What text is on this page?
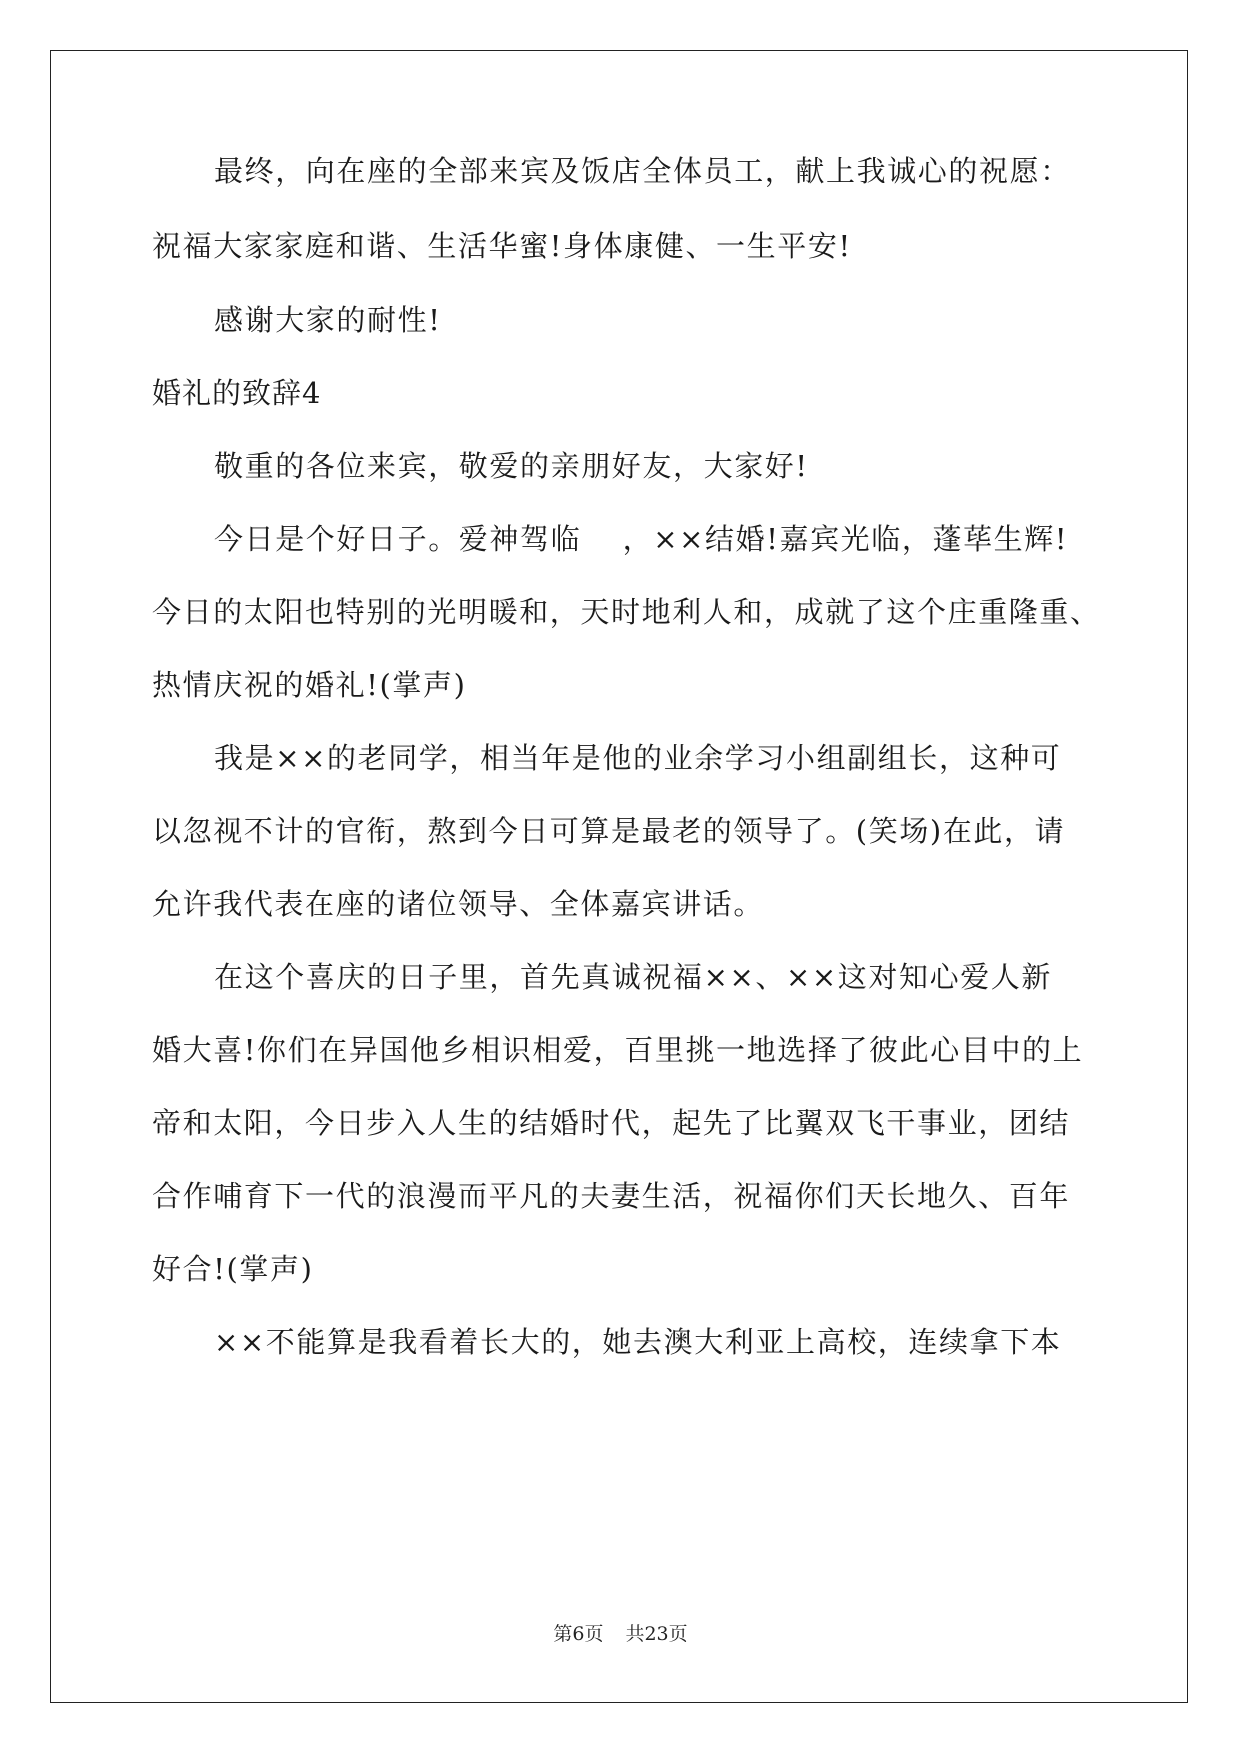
最终，向在座的全部来宾及饭店全体员工，献上我诚心的祝愿：
祝福大家家庭和谐、生活华蜜!身体康健、一生平安!
感谢大家的耐性!
婚礼的致辞4
敬重的各位来宾，敬爱的亲朋好友，大家好!
今日是个好日子。爱神驾临　 ，××结婚!嘉宾光临，蓬荜生辉!
今日的太阳也特别的光明暖和，天时地利人和，成就了这个庄重隆重、
热情庆祝的婚礼!(掌声)
我是××的老同学，相当年是他的业余学习小组副组长，这种可
以忽视不计的官衔，熬到今日可算是最老的领导了。(笑场)在此，请
允许我代表在座的诸位领导、全体嘉宾讲话。
在这个喜庆的日子里，首先真诚祝福××、××这对知心爱人新
婚大喜!你们在异国他乡相识相爱，百里挑一地选择了彼此心目中的上
帝和太阳，今日步入人生的结婚时代，起先了比翼双飞干事业，团结
合作哺育下一代的浪漫而平凡的夫妻生活，祝福你们天长地久、百年
好合!(掌声)
××不能算是我看着长大的，她去澳大利亚上高校，连续拿下本
第6页 共23页
